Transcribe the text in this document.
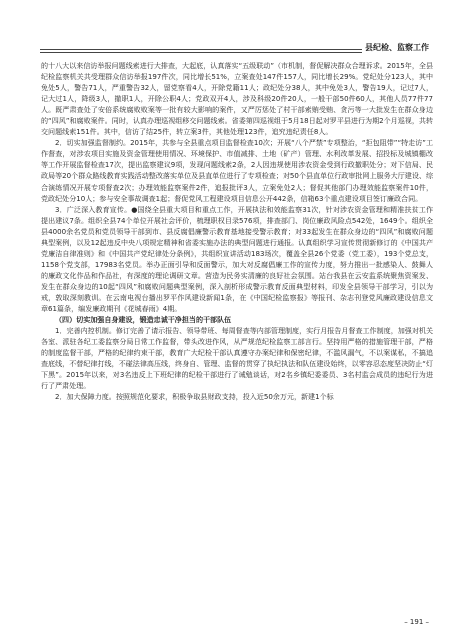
县纪检、监察工作

的十八大以来信访举报问题线索进行大排查，大起底，认真落实“五级联动”（市机制，督促解决群众合理诉求。2015年，全县纪检监察机关共受理群众信访举报197件次，同比增长51%，立案查处147件157人，同比增长29%。党纪处分123人，其中免处5人，警告71人，严重警告32人，留党察看4人，开除党籍11人；政纪处分38人，其中免处3人，警告19人，记过7人，记大过1人，降级3人，撤职1人，开除公职4人；党政双开4人，涉及科级20件20人，一般干部50件60人，其他人员77件77人。既严肃查处了安倍系统腐败败案等一批有较大影响的案件，又严厉惩处了村干部索贿受贿、贪污等一大批发生在群众身边的“四风”和腐败案件。同时，认真办理巡视组移交问题线索。省委第四巡视组于5月18日起对罗平县进行为期2个月巡视，共转交问题线索151件。其中，信访了结25件，转立案3件，其他处理123件，追究违纪责任8人。

2．切实加强监督制约。2015年，共参与全县重点项目监督检查10次；开展“八个严禁”专项整治，“拒包阻带”“特走访”工作督查，对涉农项目实施及资金管理使用情况、环境保护、市值减排、土地（矿产）管理、水利改革发展、招投标及城镇棚改等工作开展监督检查17次，提出监察建议9项，发现问题线索2条，2人因违规使用涉农资金受到行政撤职处分；对下信局、民政局等20个群众路线教育实践活动整改落实单位及县直单位进行了专项检查；对50个县直单位行政审批网上服务大厅建设、综合演练情况开展专项督查2次；办理效能监察案件2件，追报批评3人，立案免处2人；督促其他部门办理效能监察案件10件，党政纪处分10人；参与安全事故调查1起；督促党风工程建设项目信息公开442条，信箱63个重点建设项目签订廉政合同。

3．广泛深入教育宣传。●国绕全县重大项目和重点工作，开展执法和效能监察31次，针对涉农资金管理和精准扶贫工作提出建议7条。组织全县74个单位开展社会评价，梳理职权目录576项，排查部门、岗位廉政风险点542处，1649个。组织全县4000余名党员和党员领导干部到市、县反腐倡廉警示教育基地接受警示教育；对33起发生在群众身边的“四风”和腐败问题典型案例，以及12起违反中央八项规定精神和省委实施办法的典型问题进行通报。认真组织学习宣传贯彻新修订的《中国共产党廉洁自律准则》和《中国共产党纪律处分条例》，共组织宣讲活动183场次，覆盖全县26个党委（党工委），193个党总支，1158个党支部，17983名党员。举办正面引导和反面警示，加大对反腐倡廉工作的宣传力度，努力推出一批感染人、鼓舞人的廉政文化作品和作品社，有深度的理论调研文章。营造为民务实清廉的良好社会氛围。站台我县在云安监系统聚焦资案发、发生在群众身边的10起“四风”和腐败问题典型案例，深入剖析形成警示教育反面典型材料，印发全县领导干部学习，引以为戒，敦取深刻教训。在云南电视台播出罗平作风建设新闻1条，在《中国纪检监察报》等报刊、杂志刊登党风廉政建设信息文章61篇条，编发廉政期刊《花城春雨》4期。

（四）切实加强自身建设，锻造忠诚干净担当的干部队伍

1．完善内控机制。修订完善了请示报告、领导带班、每周督查等内部管理制度，实行月报告月督查工作制度，加强对机关各室、派驻各纪工委监察分局日常工作监督，带头改进作风，从严规范纪检监察工部言行。坚持用严格的措施管理干部，严格的制度监督干部，严格的纪律约束干部，教育广大纪检干部认真遵守办案纪律和保密纪律，不滥风漏气，不以案谋私，不搞追查底线，不替纪律打线，不碰法律高压线，终身自、管理、监督的贯穿了执纪执法和队伍建设始终，以零容忍态度坚决防止“灯下黑”。2015年以来，对3名违反上下班纪律的纪检干部进行了诫勉谈话，对2名乡镇纪委委员、3名村监会成员的违纪行为进行了严肃处理。

2．加大保障力度。按照规范化要求，积极争取县财政支持，投入近50余万元，新建1个标

– 191 –
